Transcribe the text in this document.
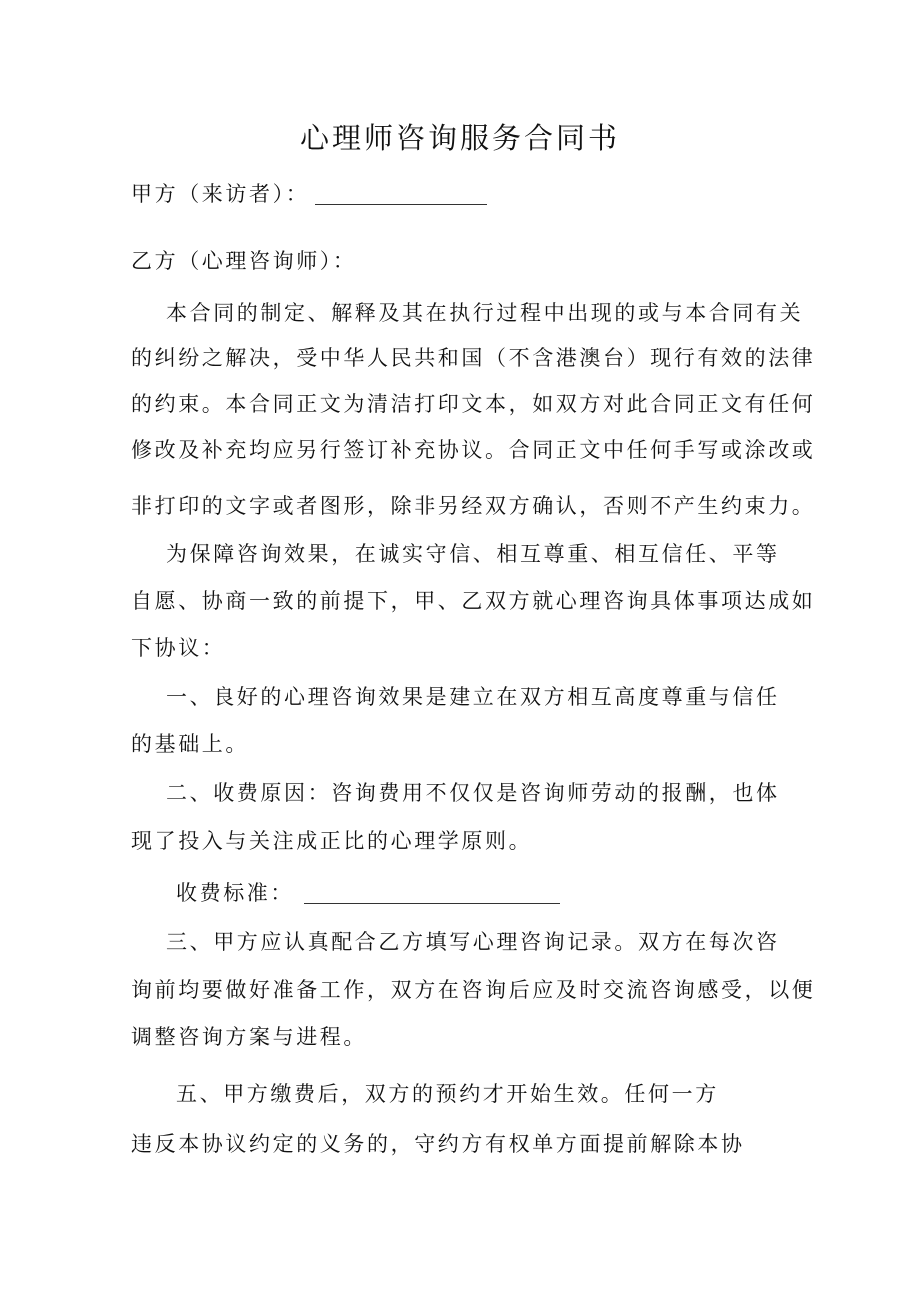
心理师咨询服务合同书
甲方（来访者）：
乙方（心理咨询师）：
本合同的制定、解释及其在执行过程中出现的或与本合同有关
的纠纷之解决，受中华人民共和国（不含港澳台）现行有效的法律
的约束。本合同正文为清洁打印文本，如双方对此合同正文有任何
修改及补充均应另行签订补充协议。合同正文中任何手写或涂改或
非打印的文字或者图形，除非另经双方确认，否则不产生约束力。
为保障咨询效果，在诚实守信、相互尊重、相互信任、平等
自愿、协商一致的前提下，甲、乙双方就心理咨询具体事项达成如
下协议：
一、良好的心理咨询效果是建立在双方相互高度尊重与信任
的基础上。
二、收费原因：咨询费用不仅仅是咨询师劳动的报酬，也体
现了投入与关注成正比的心理学原则。
收费标准：
三、甲方应认真配合乙方填写心理咨询记录。双方在每次咨
询前均要做好准备工作，双方在咨询后应及时交流咨询感受，以便
调整咨询方案与进程。
五、甲方缴费后，双方的预约才开始生效。任何一方
违反本协议约定的义务的，守约方有权单方面提前解除本协
